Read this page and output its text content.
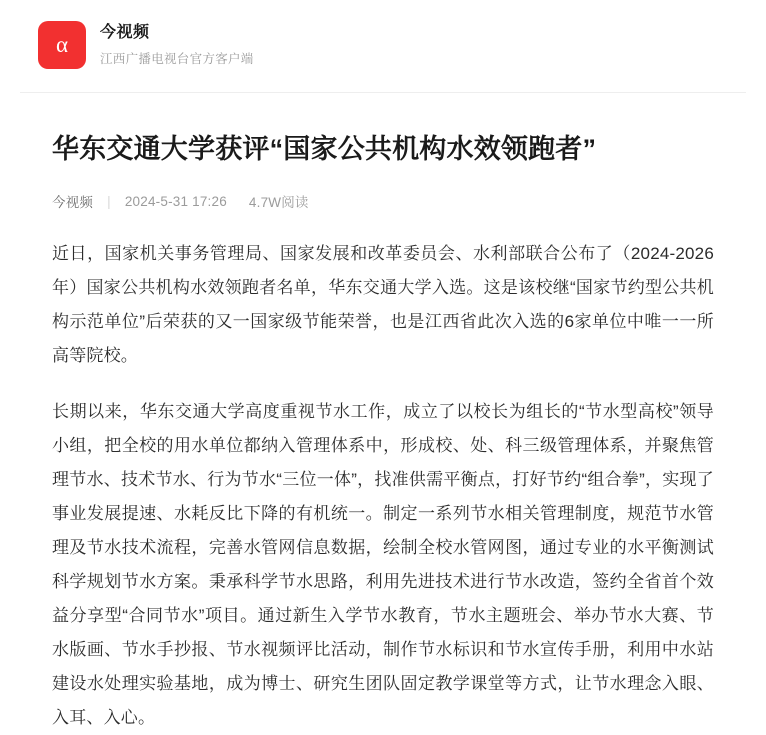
α 今视频
江西广播电视台官方客户端
华东交通大学获评“国家公共机构水效领跑者”
今视频 | 2024-5-31 17:26 4.7W阅读

近日，国家机关事务管理局、国家发展和改革委员会、水利部联合公布了（2024-2026年）国家公共机构水效领跑者名单，华东交通大学入选。这是该校继“国家节约型公共机构示范单位”后荣获的又一国家级节能荣誉，也是江西省此次入选的6家单位中唯一一所高等院校。

长期以来，华东交通大学高度重视节水工作，成立了以校长为组长的“节水型高校”领导小组，把全校的用水单位都纳入管理体系中，形成校、处、科三级管理体系，并聚焦管理节水、技术节水、行为节水“三位一体”，找准供需平衡点，打好节约“组合拳”，实现了事业发展提速、水耗反比下降的有机统一。制定一系列节水相关管理制度，规范节水管理及节水技术流程，完善水管网信息数据，绘制全校水管网图，通过专业的水平衡测试科学规划节水方案。秉承科学节水思路，利用先进技术进行节水改造，签约全省首个效益分享型“合同节水”项目。通过新生入学节水教育，节水主题班会、举办节水大赛、节水版画、节水手抄报、节水视频评比活动，制作节水标识和节水宣传手册，利用中水站建设水处理实验基地，成为博士、研究生团队固定教学课堂等方式，让节水理念入眼、入耳、入心。
